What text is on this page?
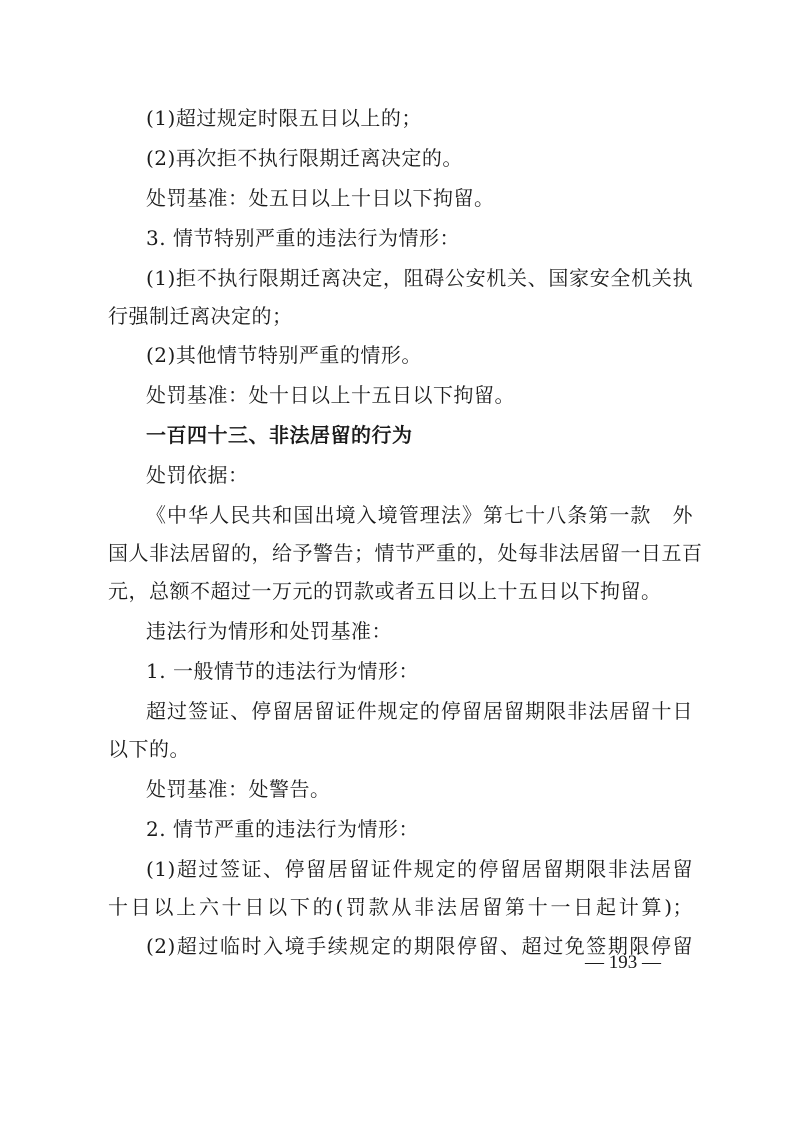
(1)超过规定时限五日以上的；
(2)再次拒不执行限期迁离决定的。
处罚基准：处五日以上十日以下拘留。
3. 情节特别严重的违法行为情形：
(1)拒不执行限期迁离决定，阻碍公安机关、国家安全机关执
行强制迁离决定的；
(2)其他情节特别严重的情形。
处罚基准：处十日以上十五日以下拘留。
一百四十三、非法居留的行为
处罚依据：
《中华人民共和国出境入境管理法》第七十八条第一款　外
国人非法居留的，给予警告；情节严重的，处每非法居留一日五百
元，总额不超过一万元的罚款或者五日以上十五日以下拘留。
违法行为情形和处罚基准：
1. 一般情节的违法行为情形：
超过签证、停留居留证件规定的停留居留期限非法居留十日
以下的。
处罚基准：处警告。
2. 情节严重的违法行为情形：
(1)超过签证、停留居留证件规定的停留居留期限非法居留
十日以上六十日以下的(罚款从非法居留第十一日起计算)；
(2)超过临时入境手续规定的期限停留、超过免签期限停留
— 193 —
